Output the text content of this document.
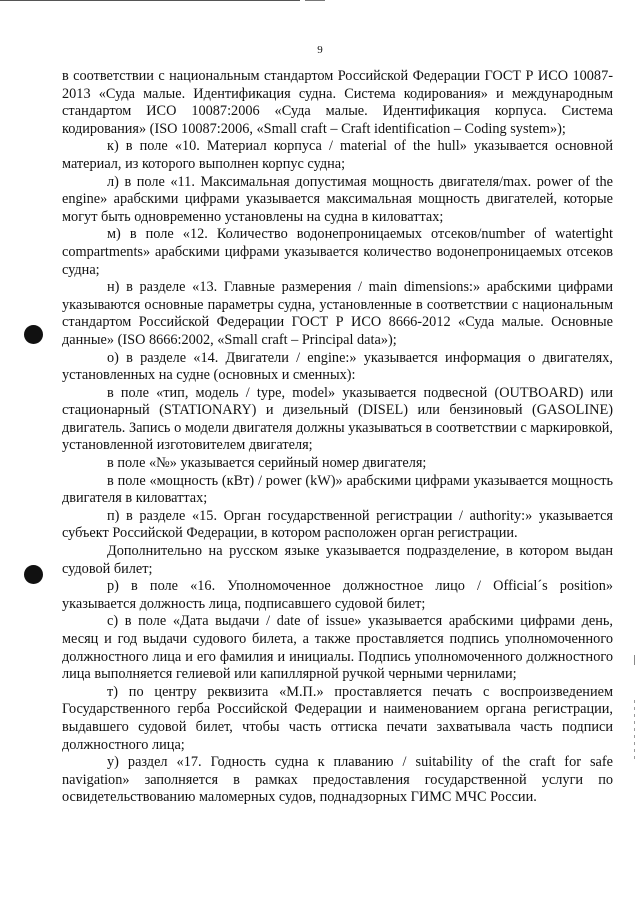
9

в соответствии с национальным стандартом Российской Федерации ГОСТ Р ИСО 10087-2013 «Суда малые. Идентификация судна. Система кодирования» и международным стандартом ИСО 10087:2006 «Суда малые. Идентификация корпуса. Система кодирования» (ISO 10087:2006, «Small craft – Craft identification – Coding system»);

к) в поле «10. Материал корпуса / material of the hull» указывается основной материал, из которого выполнен корпус судна;

л) в поле «11. Максимальная допустимая мощность двигателя/max. power of the engine» арабскими цифрами указывается максимальная мощность двигателей, которые могут быть одновременно установлены на судна в киловаттах;

м) в поле «12. Количество водонепроницаемых отсеков/number of watertight compartments» арабскими цифрами указывается количество водонепроницаемых отсеков судна;

н) в разделе «13. Главные размерения / main dimensions:» арабскими цифрами указываются основные параметры судна, установленные в соответствии с национальным стандартом Российской Федерации ГОСТ Р ИСО 8666-2012 «Суда малые. Основные данные» (ISO 8666:2002, «Small craft – Principal data»);

о) в разделе «14. Двигатели / engine:» указывается информация о двигателях, установленных на судне (основных и сменных):

в поле «тип, модель / type, model» указывается подвесной (OUTBOARD) или стационарный (STATIONARY) и дизельный (DISEL) или бензиновый (GASOLINE) двигатель. Запись о модели двигателя должны указываться в соответствии с маркировкой, установленной изготовителем двигателя;

в поле «№» указывается серийный номер двигателя;

в поле «мощность (кВт) / power (kW)» арабскими цифрами указывается мощность двигателя в киловаттах;

п) в разделе «15. Орган государственной регистрации / authority:» указывается субъект Российской Федерации, в котором расположен орган регистрации.

Дополнительно на русском языке указывается подразделение, в котором выдан судовой билет;

р) в поле «16. Уполномоченное должностное лицо / Official´s position» указывается должность лица, подписавшего судовой билет;

с) в поле «Дата выдачи / date of issue» указывается арабскими цифрами день, месяц и год выдачи судового билета, а также проставляется подпись уполномоченного должностного лица и его фамилия и инициалы. Подпись уполномоченного должностного лица выполняется гелиевой или капиллярной ручкой черными чернилами;

т) по центру реквизита «М.П.» проставляется печать с воспроизведением Государственного герба Российской Федерации и наименованием органа регистрации, выдавшего судовой билет, чтобы часть оттиска печати захватывала часть подписи должностного лица;

у) раздел «17. Годность судна к плаванию / suitability of the craft for safe navigation» заполняется в рамках предоставления государственной услуги по освидетельствованию маломерных судов, поднадзорных ГИМС МЧС России.
